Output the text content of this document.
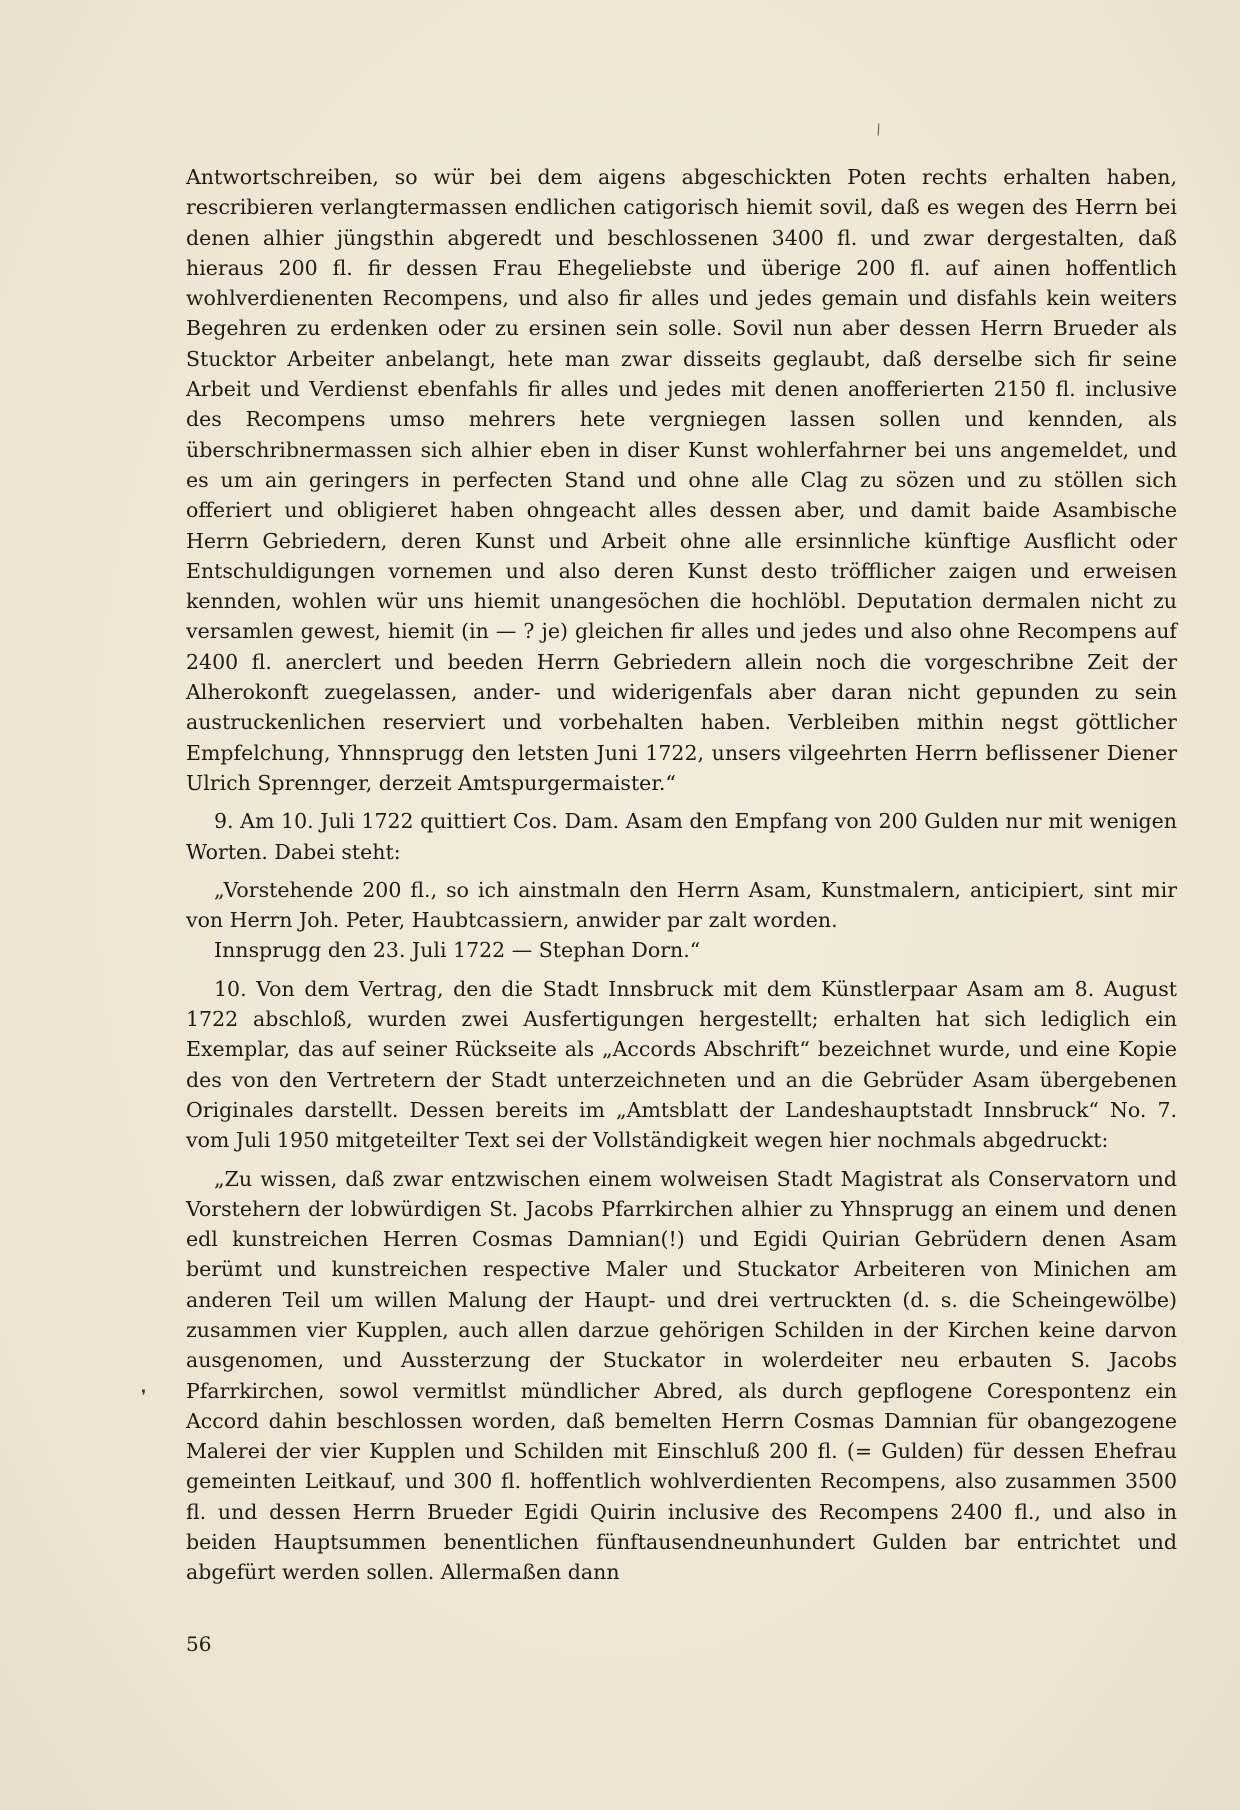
\
❜

Antwortschreiben, so wür bei dem aigens abgeschickten Poten rechts erhalten haben, rescribieren verlangtermassen endlichen catigorisch hiemit sovil, daß es wegen des Herrn bei denen alhier jüngsthin abgeredt und beschlossenen 3400 fl. und zwar dergestalten, daß hieraus 200 fl. fir dessen Frau Ehegeliebste und überige 200 fl. auf ainen hoffentlich wohlverdienenten Recompens, und also fir alles und jedes gemain und disfahls kein weiters Begehren zu erdenken oder zu ersinen sein solle. Sovil nun aber dessen Herrn Brueder als Stucktor Arbeiter anbelangt, hete man zwar disseits geglaubt, daß derselbe sich fir seine Arbeit und Verdienst ebenfahls fir alles und jedes mit denen anofferierten 2150 fl. inclusive des Recompens umso mehrers hete vergniegen lassen sollen und kennden, als überschribnermassen sich alhier eben in diser Kunst wohlerfahrner bei uns angemeldet, und es um ain geringers in perfecten Stand und ohne alle Clag zu sözen und zu stöllen sich offeriert und obligieret haben ohngeacht alles dessen aber, und damit baide Asambische Herrn Gebriedern, deren Kunst und Arbeit ohne alle ersinnliche künftige Ausflicht oder Entschuldigungen vornemen und also deren Kunst desto tröfflicher zaigen und erweisen kennden, wohlen wür uns hiemit unangesöchen die hochlöbl. Deputation dermalen nicht zu versamlen gewest, hiemit (in — ? je) gleichen fir alles und jedes und also ohne Recompens auf 2400 fl. anerclert und beeden Herrn Gebriedern allein noch die vorgeschribne Zeit der Alherokonft zuegelassen, ander- und widerigenfals aber daran nicht gepunden zu sein austruckenlichen reserviert und vorbehalten haben. Verbleiben mithin negst göttlicher Empfelchung, Yhnnsprugg den letsten Juni 1722, unsers vilgeehrten Herrn beflissener Diener Ulrich Sprennger, derzeit Amtspurgermaister.“

9. Am 10. Juli 1722 quittiert Cos. Dam. Asam den Empfang von 200 Gulden nur mit wenigen Worten. Dabei steht:

„Vorstehende 200 fl., so ich ainstmaln den Herrn Asam, Kunstmalern, anticipiert, sint mir von Herrn Joh. Peter, Haubtcassiern, anwider par zalt worden.

Innsprugg den 23. Juli 1722 — Stephan Dorn.“

10. Von dem Vertrag, den die Stadt Innsbruck mit dem Künstlerpaar Asam am 8. August 1722 abschloß, wurden zwei Ausfertigungen hergestellt; erhalten hat sich lediglich ein Exemplar, das auf seiner Rückseite als „Accords Abschrift“ bezeichnet wurde, und eine Kopie des von den Vertretern der Stadt unterzeichneten und an die Gebrüder Asam übergebenen Originales darstellt. Dessen bereits im „Amtsblatt der Landeshauptstadt Innsbruck“ No. 7. vom Juli 1950 mitgeteilter Text sei der Vollständigkeit wegen hier nochmals abgedruckt:

„Zu wissen, daß zwar entzwischen einem wolweisen Stadt Magistrat als Conservatorn und Vorstehern der lobwürdigen St. Jacobs Pfarrkirchen alhier zu Yhnsprugg an einem und denen edl kunstreichen Herren Cosmas Damnian(!) und Egidi Quirian Gebrüdern denen Asam berümt und kunstreichen respective Maler und Stuckator Arbeiteren von Minichen am anderen Teil um willen Malung der Haupt- und drei vertruckten (d. s. die Scheingewölbe) zusammen vier Kupplen, auch allen darzue gehörigen Schilden in der Kirchen keine darvon ausgenomen, und Aussterzung der Stuckator in wolerdeiter neu erbauten S. Jacobs Pfarrkirchen, sowol vermitlst mündlicher Abred, als durch gepflogene Corespontenz ein Accord dahin beschlossen worden, daß bemelten Herrn Cosmas Damnian für obangezogene Malerei der vier Kupplen und Schilden mit Einschluß 200 fl. (= Gulden) für dessen Ehefrau gemeinten Leitkauf, und 300 fl. hoffentlich wohlverdienten Recompens, also zusammen 3500 fl. und dessen Herrn Brueder Egidi Quirin inclusive des Recompens 2400 fl., und also in beiden Hauptsummen benentlichen fünftausendneunhundert Gulden bar entrichtet und abgefürt werden sollen. Allermaßen dann

56
